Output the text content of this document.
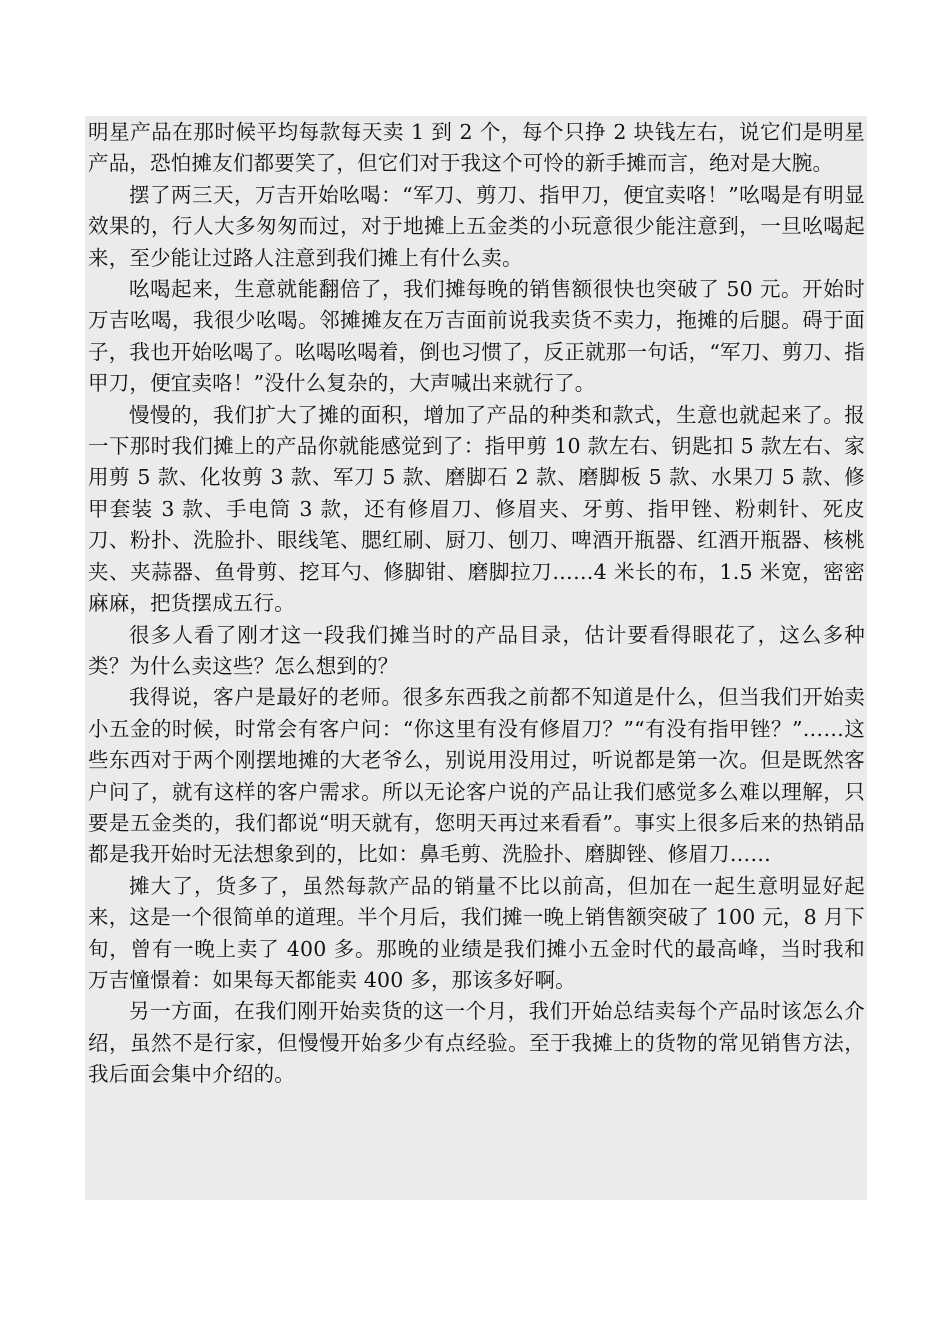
明星产品在那时候平均每款每天卖 1 到 2 个，每个只挣 2 块钱左右，说它们是明星产品，恐怕摊友们都要笑了，但它们对于我这个可怜的新手摊而言，绝对是大腕。

摆了两三天，万吉开始吆喝：“军刀、剪刀、指甲刀，便宜卖咯！”吆喝是有明显效果的，行人大多匆匆而过，对于地摊上五金类的小玩意很少能注意到，一旦吆喝起来，至少能让过路人注意到我们摊上有什么卖。

吆喝起来，生意就能翻倍了，我们摊每晚的销售额很快也突破了 50 元。开始时万吉吆喝，我很少吆喝。邻摊摊友在万吉面前说我卖货不卖力，拖摊的后腿。碍于面子，我也开始吆喝了。吆喝吆喝着，倒也习惯了，反正就那一句话，“军刀、剪刀、指甲刀，便宜卖咯！”没什么复杂的，大声喊出来就行了。

慢慢的，我们扩大了摊的面积，增加了产品的种类和款式，生意也就起来了。报一下那时我们摊上的产品你就能感觉到了：指甲剪 10 款左右、钥匙扣 5 款左右、家用剪 5 款、化妆剪 3 款、军刀 5 款、磨脚石 2 款、磨脚板 5 款、水果刀 5 款、修甲套装 3 款、手电筒 3 款，还有修眉刀、修眉夹、牙剪、指甲锉、粉刺针、死皮刀、粉扑、洗脸扑、眼线笔、腮红刷、厨刀、刨刀、啤酒开瓶器、红酒开瓶器、核桃夹、夹蒜器、鱼骨剪、挖耳勺、修脚钳、磨脚拉刀……4 米长的布，1.5 米宽，密密麻麻，把货摆成五行。

很多人看了刚才这一段我们摊当时的产品目录，估计要看得眼花了，这么多种类？为什么卖这些？怎么想到的？

我得说，客户是最好的老师。很多东西我之前都不知道是什么，但当我们开始卖小五金的时候，时常会有客户问：“你这里有没有修眉刀？”“有没有指甲锉？”……这些东西对于两个刚摆地摊的大老爷么，别说用没用过，听说都是第一次。但是既然客户问了，就有这样的客户需求。所以无论客户说的产品让我们感觉多么难以理解，只要是五金类的，我们都说“明天就有，您明天再过来看看”。事实上很多后来的热销品都是我开始时无法想象到的，比如：鼻毛剪、洗脸扑、磨脚锉、修眉刀……

摊大了，货多了，虽然每款产品的销量不比以前高，但加在一起生意明显好起来，这是一个很简单的道理。半个月后，我们摊一晚上销售额突破了 100 元，8 月下旬，曾有一晚上卖了 400 多。那晚的业绩是我们摊小五金时代的最高峰，当时我和万吉憧憬着：如果每天都能卖 400 多，那该多好啊。

另一方面，在我们刚开始卖货的这一个月，我们开始总结卖每个产品时该怎么介绍，虽然不是行家，但慢慢开始多少有点经验。至于我摊上的货物的常见销售方法，我后面会集中介绍的。
